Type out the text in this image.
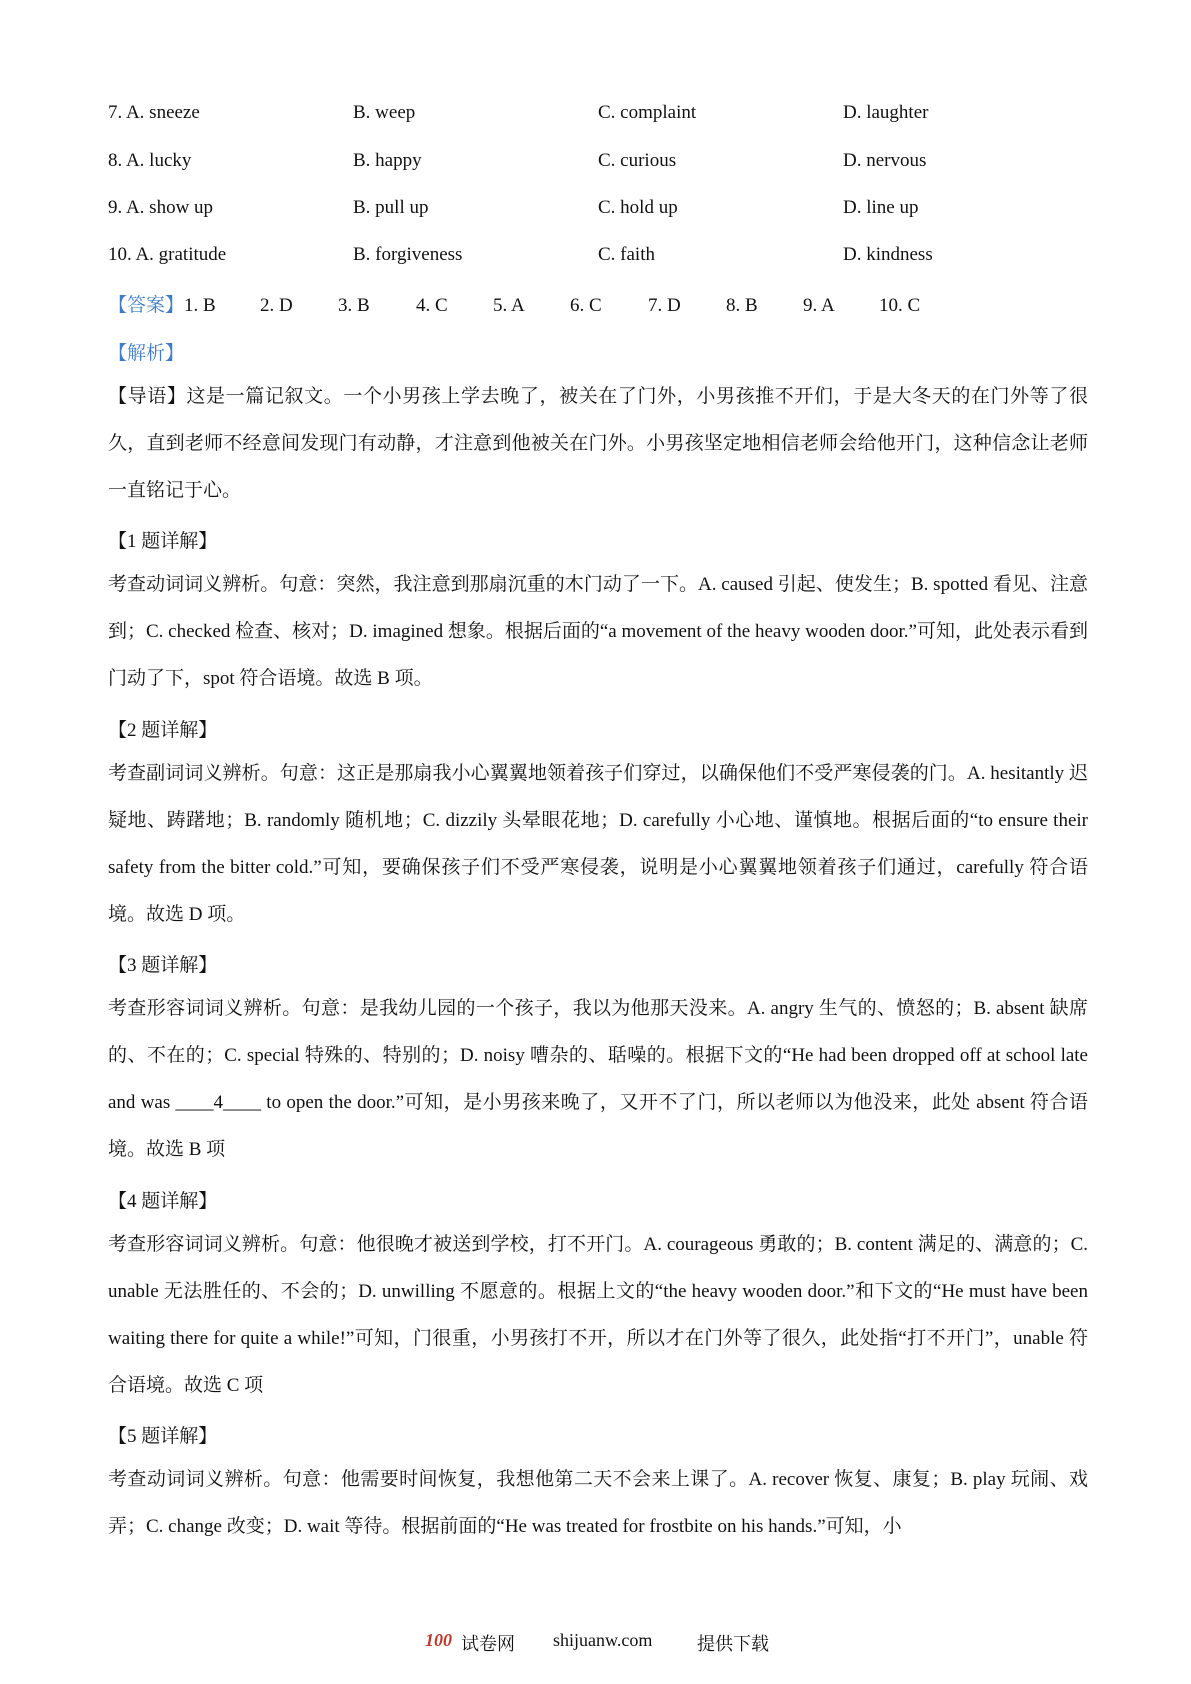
7. A. sneeze	B. weep	C. complaint	D. laughter
8. A. lucky	B. happy	C. curious	D. nervous
9. A. show up	B. pull up	C. hold up	D. line up
10. A. gratitude	B. forgiveness	C. faith	D. kindness
【答案】1. B 2. D 3. B 4. C 5. A 6. C 7. D 8. B 9. A 10. C
【解析】
【导语】这是一篇记叙文。一个小男孩上学去晚了，被关在了门外，小男孩推不开们，于是大冬天的在门外等了很久，直到老师不经意间发现门有动静，才注意到他被关在门外。小男孩坚定地相信老师会给他开门，这种信念让老师一直铭记于心。
【1 题详解】
考查动词词义辨析。句意：突然，我注意到那扇沉重的木门动了一下。A. caused 引起、使发生；B. spotted 看见、注意到；C. checked 检查、核对；D. imagined 想象。根据后面的“a movement of the heavy wooden door.”可知，此处表示看到门动了下，spot 符合语境。故选 B 项。
【2 题详解】
考查副词词义辨析。句意：这正是那扇我小心翼翼地领着孩子们穿过，以确保他们不受严寒侵袭的门。A. hesitantly 迟疑地、踌躇地；B. randomly 随机地；C. dizzily 头晕眼花地；D. carefully 小心地、谨慎地。根据后面的“to ensure their safety from the bitter cold.”可知，要确保孩子们不受严寒侵袭，说明是小心翼翼地领着孩子们通过，carefully 符合语境。故选 D 项。
【3 题详解】
考查形容词词义辨析。句意：是我幼儿园的一个孩子，我以为他那天没来。A. angry 生气的、愤怒的；B. absent 缺席的、不在的；C. special 特殊的、特别的；D. noisy 嘈杂的、聒噪的。根据下文的“He had been dropped off at school late and was ____4____ to open the door.”可知，是小男孩来晚了，又开不了门，所以老师以为他没来，此处 absent 符合语境。故选 B 项
【4 题详解】
考查形容词词义辨析。句意：他很晚才被送到学校，打不开门。A. courageous 勇敢的；B. content 满足的、满意的；C. unable 无法胜任的、不会的；D. unwilling 不愿意的。根据上文的“the heavy wooden door.”和下文的“He must have been waiting there for quite a while!”可知，门很重，小男孩打不开，所以才在门外等了很久，此处指“打不开门”，unable 符合语境。故选 C 项
【5 题详解】
考查动词词义辨析。句意：他需要时间恢复，我想他第二天不会来上课了。A. recover 恢复、康复；B. play 玩闹、戏弄；C. change 改变；D. wait 等待。根据前面的“He was treated for frostbite on his hands.”可知，小
100 试卷网 shijuanw.com 提供下载
